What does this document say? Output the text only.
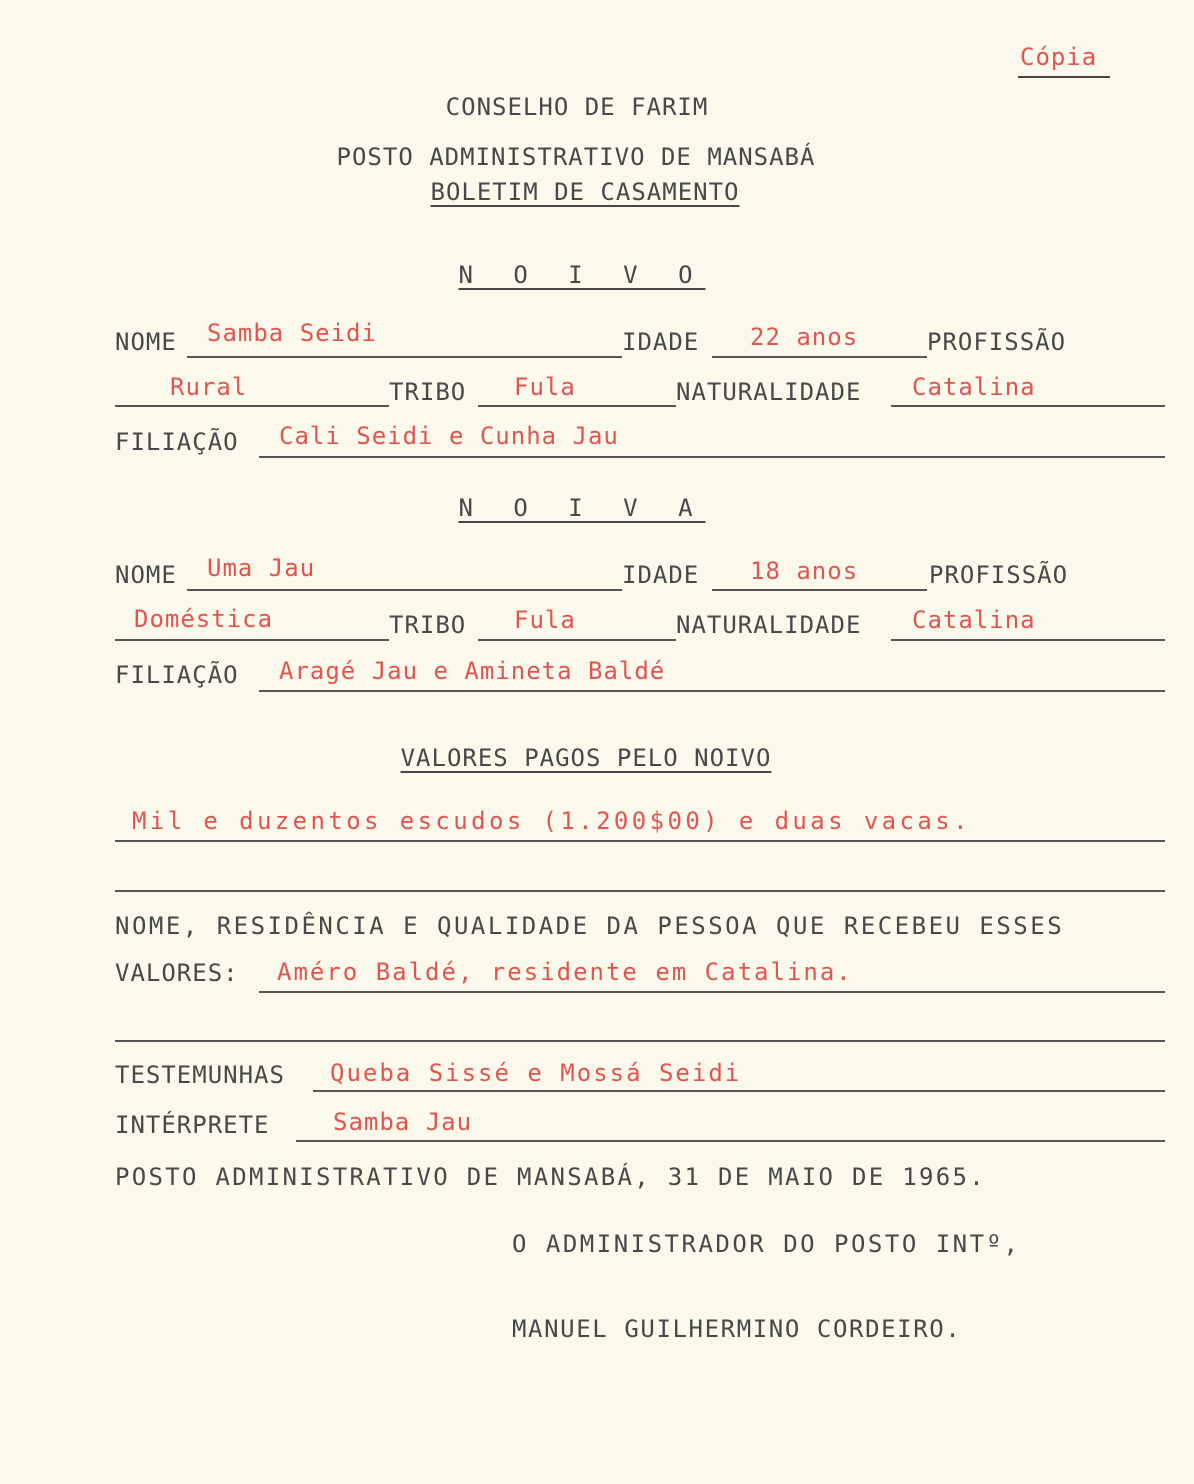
Cópia
CONSELHO DE FARIM
POSTO ADMINISTRATIVO DE MANSABÁ
BOLETIM DE CASAMENTO
N O I V O
NOME Samba Seidi	IDADE 22 anos	PROFISSÃO
Rural	TRIBO Fula	NATURALIDADE Catalina
FILIAÇÃO Cali Seidi e Cunha Jau
N O I V A
NOME Uma Jau	IDADE 18 anos	PROFISSÃO
Doméstica	TRIBO Fula	NATURALIDADE Catalina
FILIAÇÃO Aragé Jau e Amineta Baldé
VALORES PAGOS PELO NOIVO
Mil e duzentos escudos (1.200$00) e duas vacas.
NOME, RESIDÊNCIA E QUALIDADE DA PESSOA QUE RECEBEU ESSES
VALORES: Améro Baldé, residente em Catalina.
TESTEMUNHAS Queba Sissé e Mossá Seidi
INTÉRPRETE	Samba Jau
POSTO ADMINISTRATIVO DE MANSABÁ, 31 DE MAIO DE 1965.
O ADMINISTRADOR DO POSTO INTº,
MANUEL GUILHERMINO CORDEIRO.
